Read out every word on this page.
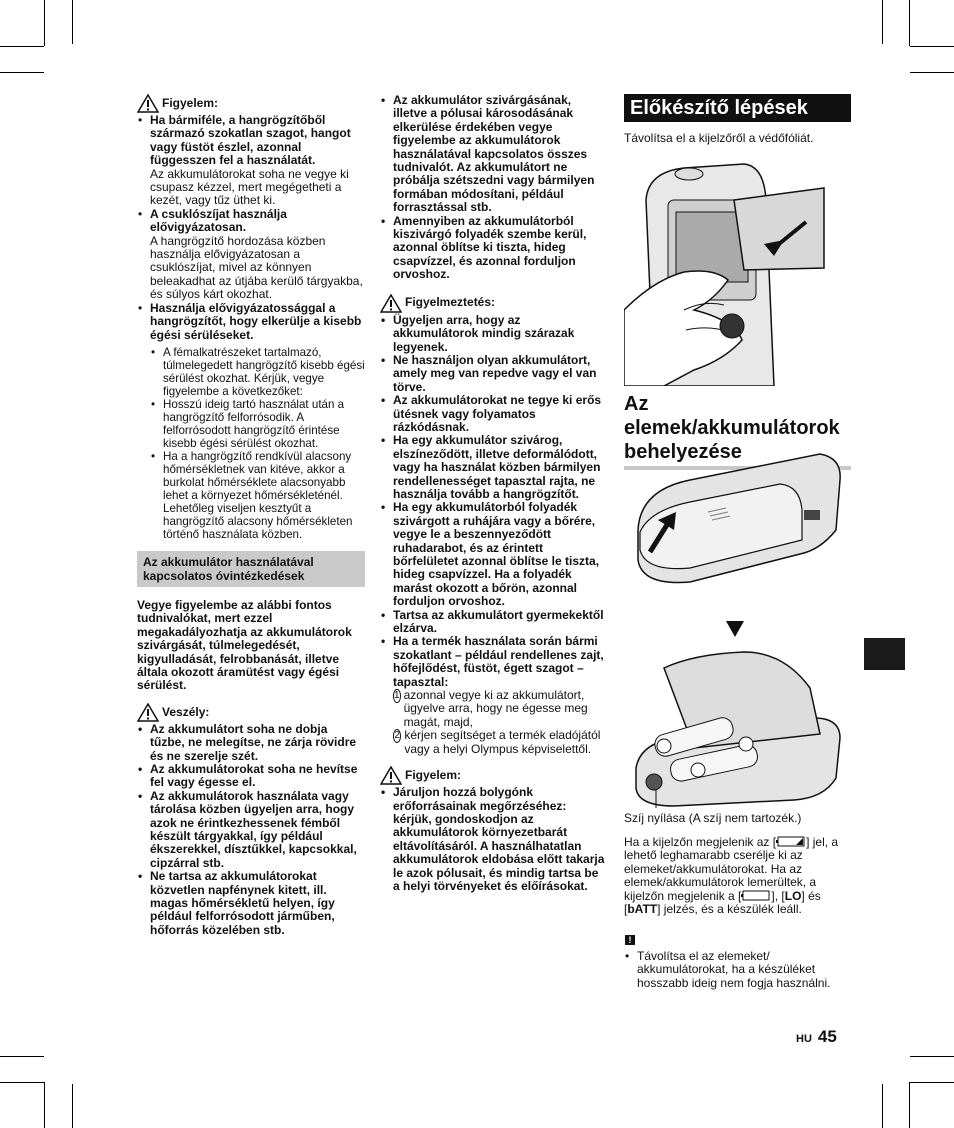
Figyelem:
• Ha bármiféle, a hangrögzítőből származó szokatlan szagot, hangot vagy füstöt észlel, azonnal függesszen fel a használatát.
Az akkumulátorokat soha ne vegye ki csupasz kézzel, mert megégetheti a kezét, vagy tűz üthet ki.
• A csuklószíjat használja elővigyázatosan.
A hangrögzítő hordozása közben használja elővigyázatosan a csuklószíjat, mivel az könnyen beleakadhat az útjába kerülő tárgyakba, és súlyos kárt okozhat.
• Használja elővigyázatossággal a hangrögzítőt, hogy elkerülje a kisebb égési sérüléseket.
• A fémalkatrészeket tartalmazó, túlmelegedett hangrögzítő kisebb égési sérülést okozhat. Kérjük, vegye figyelembe a következőket:
• Hosszú ideig tartó használat után a hangrögzítő felforrósodik. A felforrósodott hangrögzítő érintése kisebb égési sérülést okozhat.
• Ha a hangrögzítő rendkívül alacsony hőmérsékletnek van kitéve, akkor a burkolat hőmérséklete alacsonyabb lehet a környezet hőmérsékleténél. Lehetőleg viseljen kesztyűt a hangrögzítő alacsony hőmérsékleten történő használata közben.
Az akkumulátor használatával kapcsolatos óvintézkedések
Vegye figyelembe az alábbi fontos tudnivalókat, mert ezzel megakadályozhatja az akkumulátorok szivárgását, túlmelegedését, kigyulladását, felrobbanását, illetve általa okozott áramütést vagy égési sérülést.
Veszély:
• Az akkumulátort soha ne dobja tűzbe, ne melegítse, ne zárja rövidre és ne szerelje szét.
• Az akkumulátorokat soha ne hevítse fel vagy égesse el.
• Az akkumulátorok használata vagy tárolása közben ügyeljen arra, hogy azok ne érintkezhessenek fémből készült tárgyakkal, így például ékszerekkel, dísztűkkel, kapcsokkal, cipzárral stb.
• Ne tartsa az akkumulátorokat közvetlen napfénynek kitett, ill. magas hőmérsékletű helyen, így például felforrósodott járműben, hőforrás közelében stb.
• Az akkumulátor szivárgásának, illetve a pólusai károsodásának elkerülése érdekében vegye figyelembe az akkumulátorok használatával kapcsolatos összes tudnivalót. Az akkumulátort ne próbálja szétszedni vagy bármilyen formában módosítani, például forrasztással stb.
• Amennyiben az akkumulátorból kiszivárgó folyadék szembe kerül, azonnal öblítse ki tiszta, hideg csapvízzel, és azonnal forduljon orvoshoz.
Figyelmeztetés:
• Ügyeljen arra, hogy az akkumulátorok mindig szárazak legyenek.
• Ne használjon olyan akkumulátort, amely meg van repedve vagy el van törve.
• Az akkumulátorokat ne tegye ki erős ütésnek vagy folyamatos rázkódásnak.
• Ha egy akkumulátor szivárog, elszíneződött, illetve deformálódott, vagy ha használat közben bármilyen rendellenességet tapasztal rajta, ne használja tovább a hangrögzítőt.
• Ha egy akkumulátorból folyadék szivárgott a ruhájára vagy a bőrére, vegye le a beszennyeződött ruhadarabot, és az érintett bőrfelületet azonnal öblítse le tiszta, hideg csapvízzel. Ha a folyadék marást okozott a bőrön, azonnal forduljon orvoshoz.
• Tartsa az akkumulátort gyermekektől elzárva.
• Ha a termék használata során bármi szokatlant – például rendellenes zajt, hőfejlődést, füstöt, égett szagot – tapasztal:
1 azonnal vegye ki az akkumulátort, ügyelve arra, hogy ne égesse meg magát, majd,
2 kérjen segítséget a termék eladójától vagy a helyi Olympus képviselettől.
Figyelem:
• Járuljon hozzá bolygónk erőforrásainak megőrzéséhez: kérjük, gondoskodjon az akkumulátorok környezetbarát eltávolításáról. A használhatatlan akkumulátorok eldobása előtt takarja le azok pólusait, és mindig tartsa be a helyi törvényeket és előírásokat.
Előkészítő lépések
Távolítsa el a kijelzőről a védőfóliát.
Az elemek/akkumulátorok behelyezése
Szíj nyílása (A szíj nem tartozék.)
Ha a kijelzőn megjelenik az [	] jel, a lehető leghamarabb cserélje ki az elemeket/akkumulátorokat. Ha az elemek/akkumulátorok lemerültek, a kijelzőn megjelenik a [	], [LO] és [bATT] jelzés, és a készülék leáll.
!
• Távolítsa el az elemeket/ akkumulátorokat, ha a készüléket hosszabb ideig nem fogja használni.
HU 45
